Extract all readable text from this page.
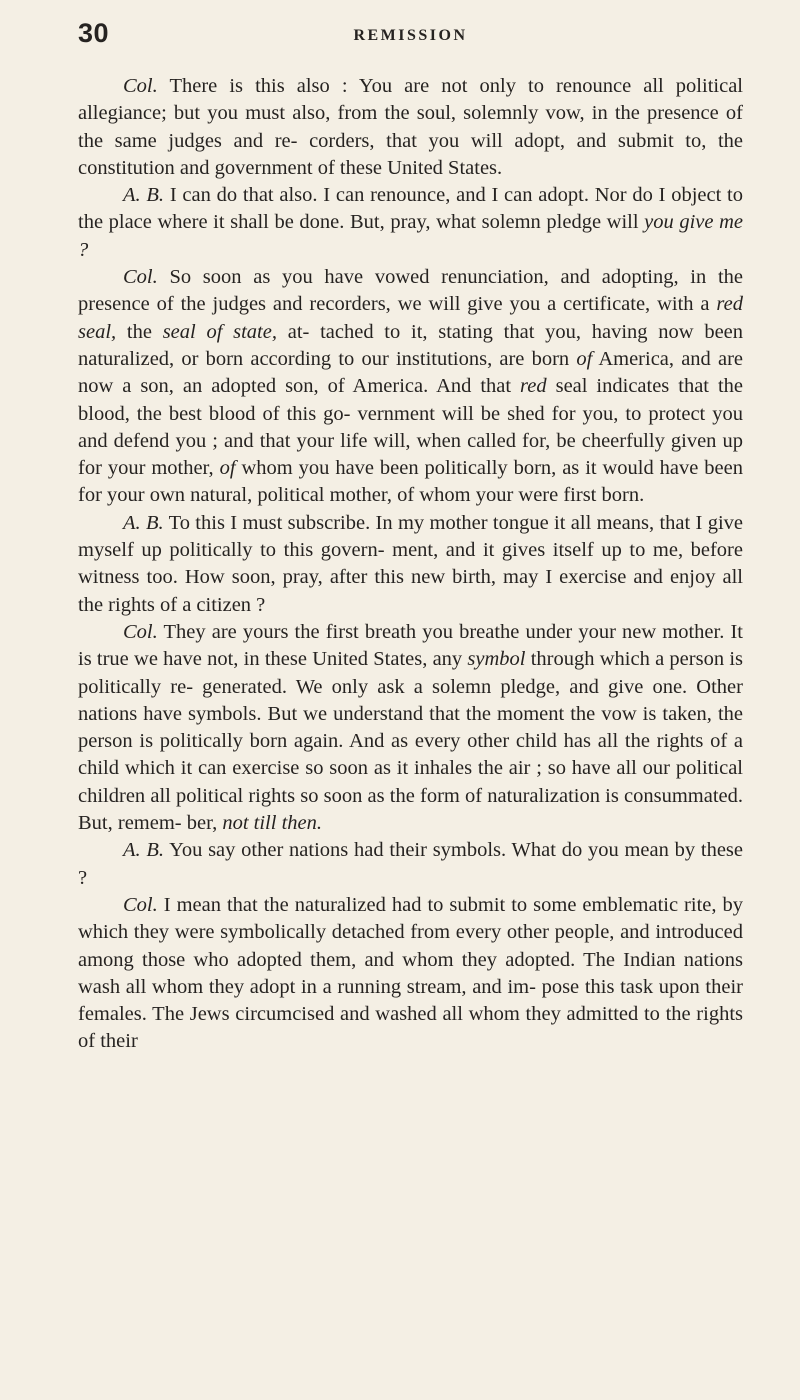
30	REMISSION

Col. There is this also : You are not only to renounce all political allegiance; but you must also, from the soul, solemnly vow, in the presence of the same judges and re- corders, that you will adopt, and submit to, the constitution and government of these United States.

A. B. I can do that also. I can renounce, and I can adopt. Nor do I object to the place where it shall be done. But, pray, what solemn pledge will you give me ?

Col. So soon as you have vowed renunciation, and adopting, in the presence of the judges and recorders, we will give you a certificate, with a red seal, the seal of state, at- tached to it, stating that you, having now been naturalized, or born according to our institutions, are born of America, and are now a son, an adopted son, of America. And that red seal indicates that the blood, the best blood of this go- vernment will be shed for you, to protect you and defend you ; and that your life will, when called for, be cheerfully given up for your mother, of whom you have been politically born, as it would have been for your own natural, political mother, of whom your were first born.

A. B. To this I must subscribe. In my mother tongue it all means, that I give myself up politically to this govern- ment, and it gives itself up to me, before witness too. How soon, pray, after this new birth, may I exercise and enjoy all the rights of a citizen ?

Col. They are yours the first breath you breathe under your new mother. It is true we have not, in these United States, any symbol through which a person is politically re- generated. We only ask a solemn pledge, and give one. Other nations have symbols. But we understand that the moment the vow is taken, the person is politically born again. And as every other child has all the rights of a child which it can exercise so soon as it inhales the air ; so have all our political children all political rights so soon as the form of naturalization is consummated. But, remem- ber, not till then.

A. B. You say other nations had their symbols. What do you mean by these ?

Col. I mean that the naturalized had to submit to some emblematic rite, by which they were symbolically detached from every other people, and introduced among those who adopted them, and whom they adopted. The Indian nations wash all whom they adopt in a running stream, and im- pose this task upon their females. The Jews circumcised and washed all whom they admitted to the rights of their
